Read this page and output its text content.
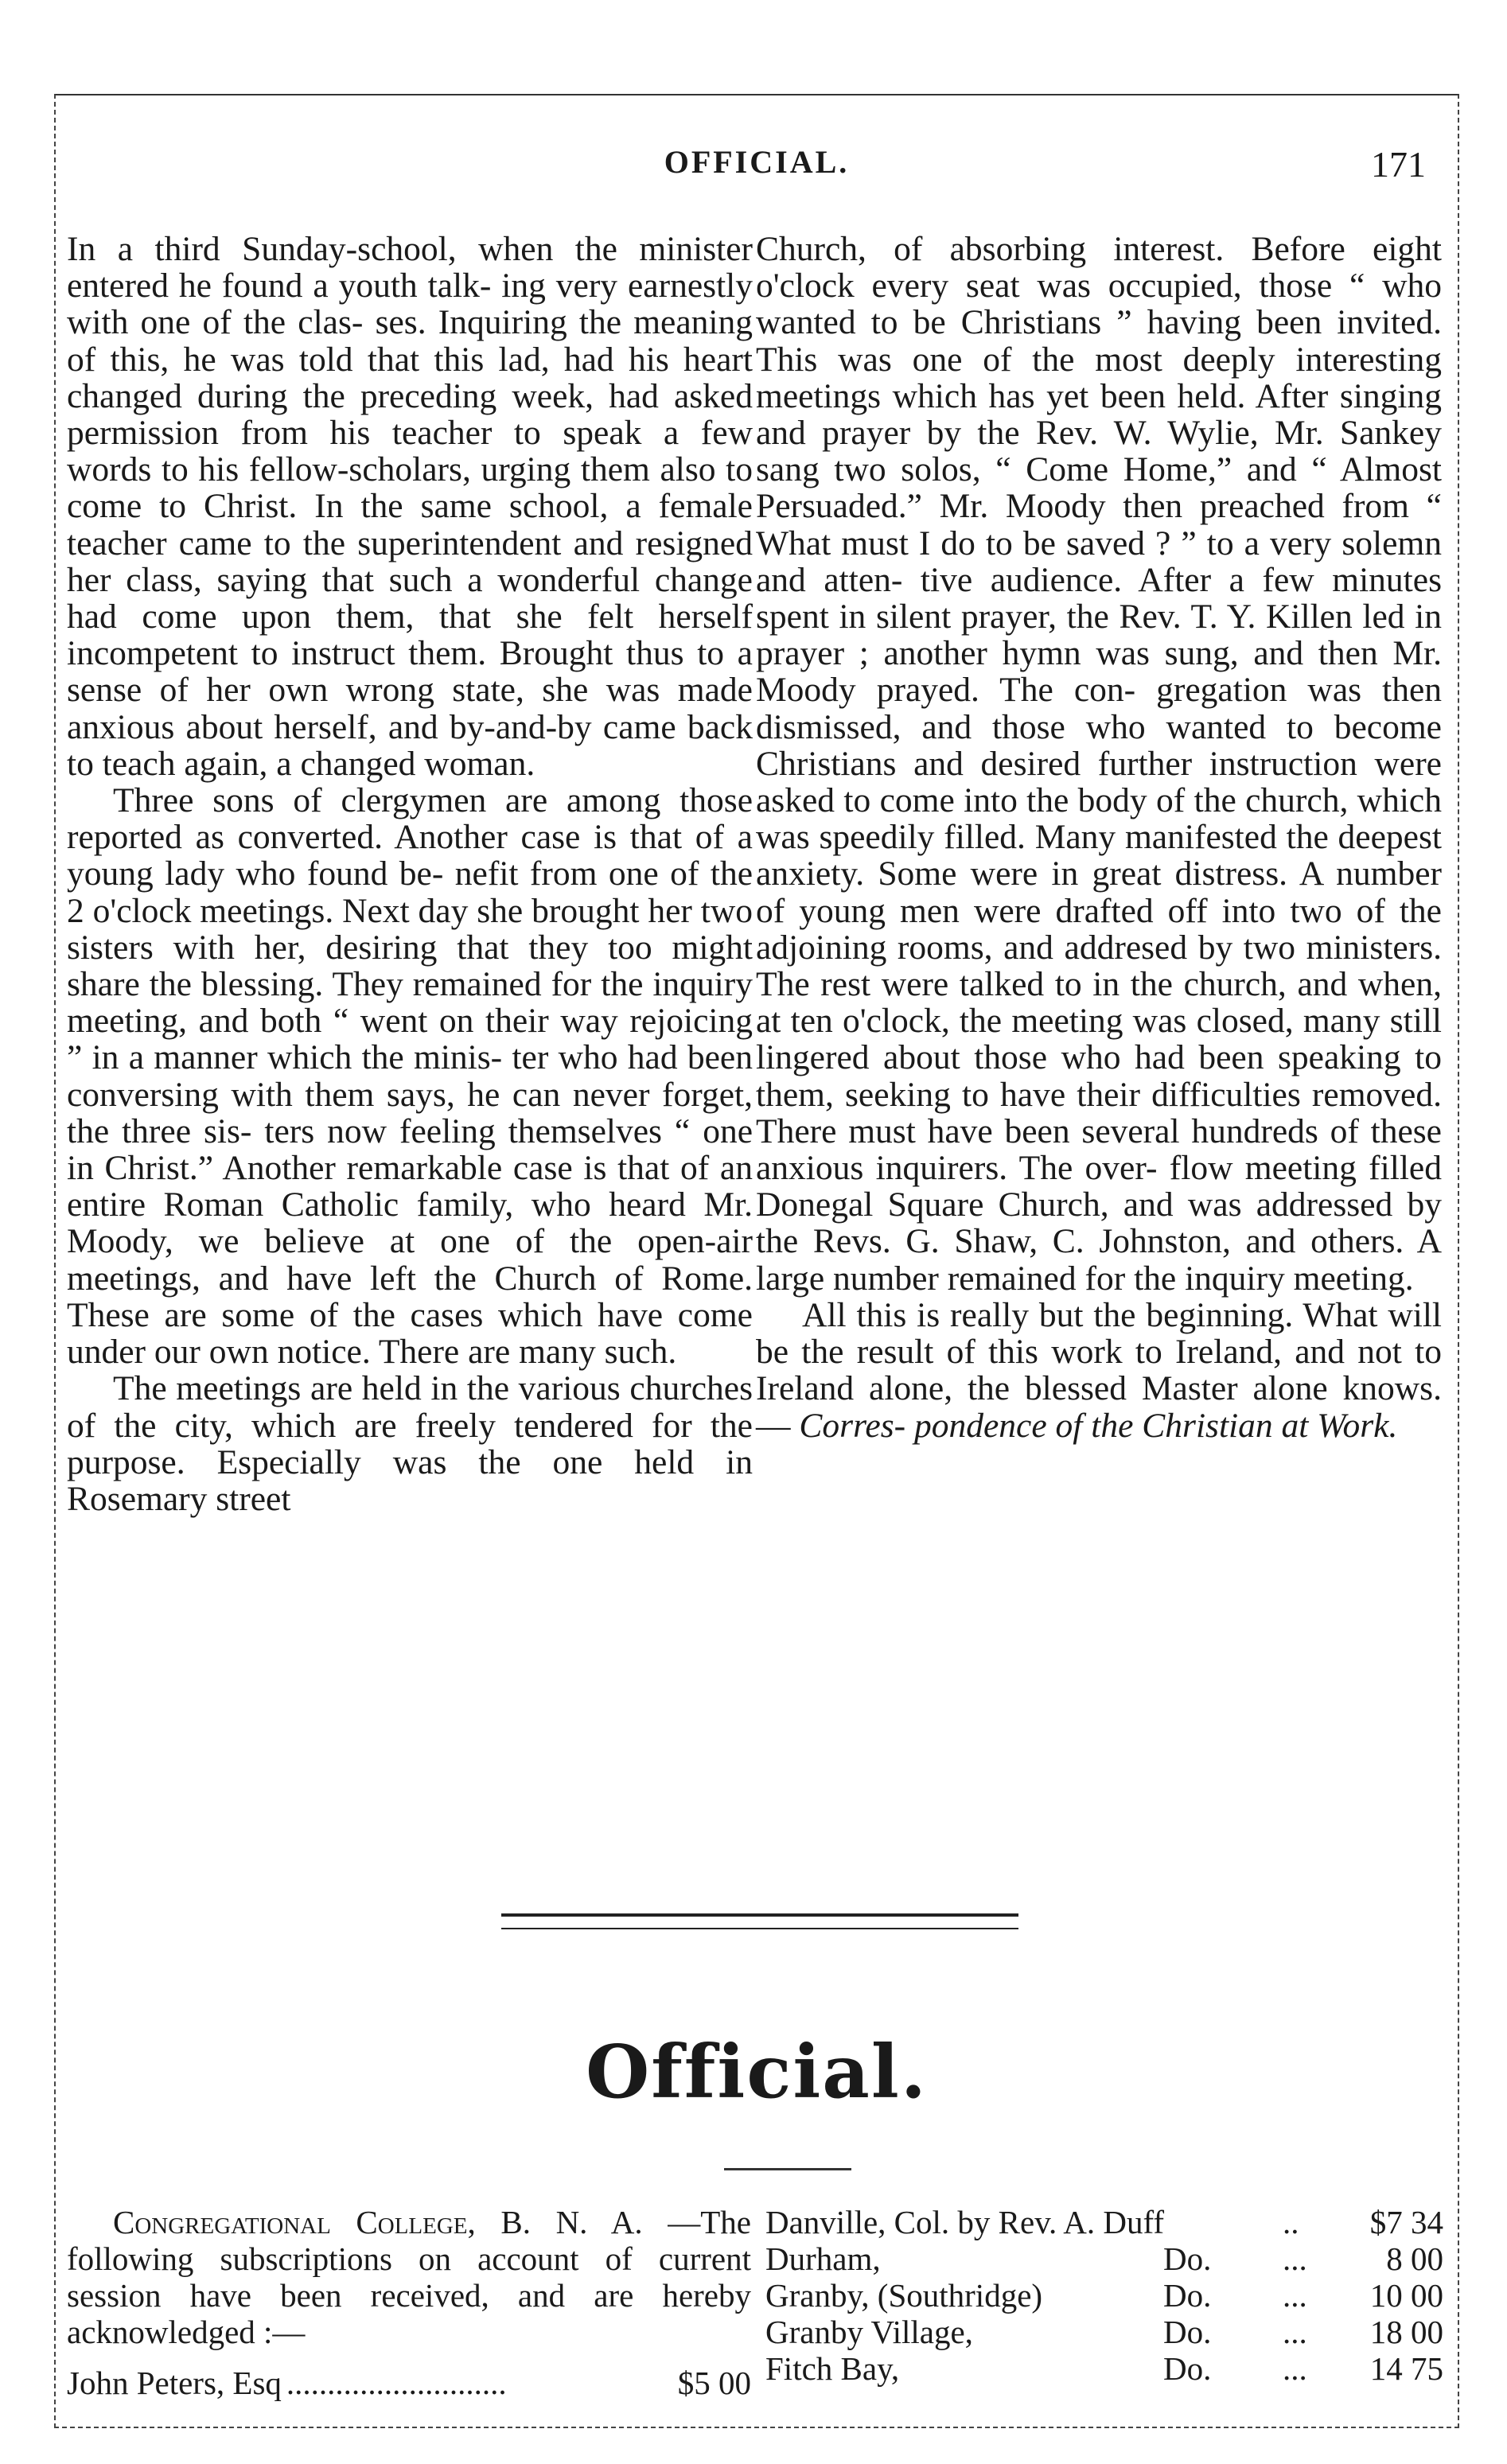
OFFICIAL.	171

In a third Sunday-school, when the minister entered he found a youth talk- ing very earnestly with one of the clas- ses. Inquiring the meaning of this, he was told that this lad, had his heart changed during the preceding week, had asked permission from his teacher to speak a few words to his fellow-scholars, urging them also to come to Christ. In the same school, a female teacher came to the superintendent and resigned her class, saying that such a wonderful change had come upon them, that she felt herself incompetent to instruct them. Brought thus to a sense of her own wrong state, she was made anxious about herself, and by-and-by came back to teach again, a changed woman.

Three sons of clergymen are among those reported as converted. Another case is that of a young lady who found be- nefit from one of the 2 o'clock meetings. Next day she brought her two sisters with her, desiring that they too might share the blessing. They remained for the inquiry meeting, and both “ went on their way rejoicing ” in a manner which the minis- ter who had been conversing with them says, he can never forget, the three sis- ters now feeling themselves “ one in Christ.” Another remarkable case is that of an entire Roman Catholic family, who heard Mr. Moody, we believe at one of the open-air meetings, and have left the Church of Rome. These are some of the cases which have come under our own notice. There are many such.

The meetings are held in the various churches of the city, which are freely tendered for the purpose. Especially was the one held in Rosemary street

Church, of absorbing interest. Before eight o'clock every seat was occupied, those “ who wanted to be Christians ” having been invited. This was one of the most deeply interesting meetings which has yet been held. After singing and prayer by the Rev. W. Wylie, Mr. Sankey sang two solos, “ Come Home,” and “ Almost Persuaded.” Mr. Moody then preached from “ What must I do to be saved ? ” to a very solemn and atten- tive audience. After a few minutes spent in silent prayer, the Rev. T. Y. Killen led in prayer ; another hymn was sung, and then Mr. Moody prayed. The con- gregation was then dismissed, and those who wanted to become Christians and desired further instruction were asked to come into the body of the church, which was speedily filled. Many manifested the deepest anxiety. Some were in great distress. A number of young men were drafted off into two of the adjoining rooms, and addresed by two ministers. The rest were talked to in the church, and when, at ten o'clock, the meeting was closed, many still lingered about those who had been speaking to them, seeking to have their difficulties removed. There must have been several hundreds of these anxious inquirers. The over- flow meeting filled Donegal Square Church, and was addressed by the Revs. G. Shaw, C. Johnston, and others. A large number remained for the inquiry meeting.

All this is really but the beginning. What will be the result of this work to Ireland, and not to Ireland alone, the blessed Master alone knows. — Corres- pondence of the Christian at Work.

Official.

Congregational College, B. N. A. —The following subscriptions on account of current session have been received, and are hereby acknowledged :—

John Peters, Esq ...........................	$5 00
Danville, Col. by Rev. A. Duff	..	$7 34
Durham,	Do.	...	8 00
Granby, (Southridge)	Do.	...	10 00
Granby Village,	Do.	...	18 00
Fitch Bay,	Do.	...	14 75
